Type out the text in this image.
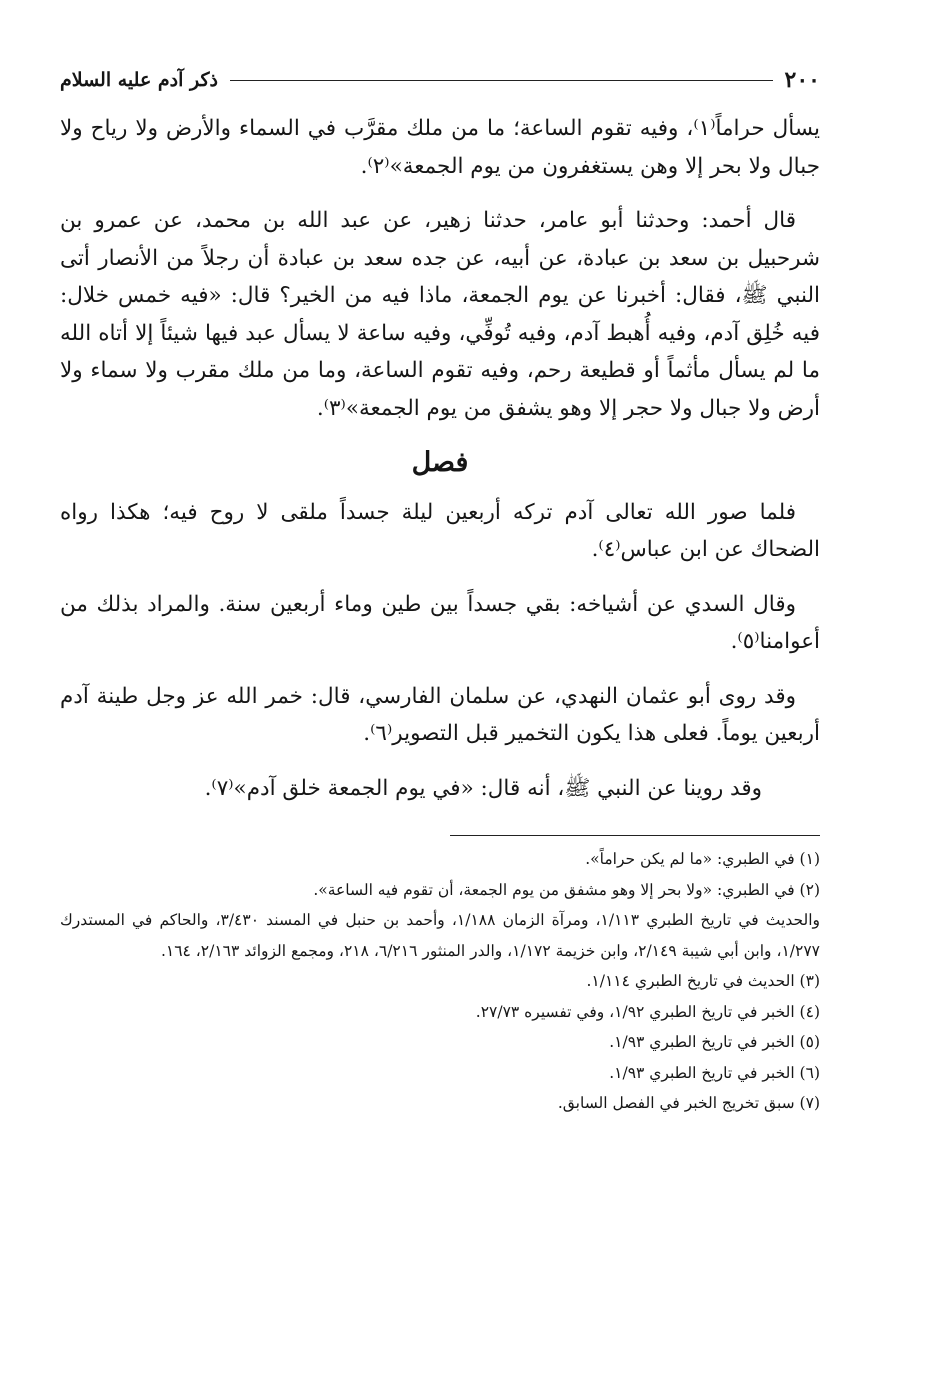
٢٠٠
ذكر آدم عليه السلام

يسأل حراماً⁽١⁾، وفيه تقوم الساعة؛ ما من ملك مقرَّب في السماء والأرض ولا رياح ولا جبال ولا بحر إلا وهن يستغفرون من يوم الجمعة»⁽٢⁾.

قال أحمد: وحدثنا أبو عامر، حدثنا زهير، عن عبد الله بن محمد، عن عمرو بن شرحبيل بن سعد بن عبادة، عن أبيه، عن جده سعد بن عبادة أن رجلاً من الأنصار أتى النبي ﷺ، فقال: أخبرنا عن يوم الجمعة، ماذا فيه من الخير؟ قال: «فيه خمس خلال: فيه خُلِق آدم، وفيه أُهبط آدم، وفيه تُوفِّي، وفيه ساعة لا يسأل عبد فيها شيئاً إلا أتاه الله ما لم يسأل مأثماً أو قطيعة رحم، وفيه تقوم الساعة، وما من ملك مقرب ولا سماء ولا أرض ولا جبال ولا حجر إلا وهو يشفق من يوم الجمعة»⁽٣⁾.

فصل

فلما صور الله تعالى آدم تركه أربعين ليلة جسداً ملقى لا روح فيه؛ هكذا رواه الضحاك عن ابن عباس⁽٤⁾.

وقال السدي عن أشياخه: بقي جسداً بين طين وماء أربعين سنة. والمراد بذلك من أعوامنا⁽٥⁾.

وقد روى أبو عثمان النهدي، عن سلمان الفارسي، قال: خمر الله عز وجل طينة آدم أربعين يوماً. فعلى هذا يكون التخمير قبل التصوير⁽٦⁾.

وقد روينا عن النبي ﷺ، أنه قال: «في يوم الجمعة خلق آدم»⁽٧⁾.

(١) في الطبري: «ما لم يكن حراماً».

(٢) في الطبري: «ولا بحر إلا وهو مشفق من يوم الجمعة، أن تقوم فيه الساعة».

والحديث في تاريخ الطبري ١/١١٣، ومرآة الزمان ١/١٨٨، وأحمد بن حنبل في المسند ٣/٤٣٠، والحاكم في المستدرك ١/٢٧٧، وابن أبي شيبة ٢/١٤٩، وابن خزيمة ١/١٧٢، والدر المنثور ٦/٢١٦، ٢١٨، ومجمع الزوائد ٢/١٦٣، ١٦٤.

(٣) الحديث في تاريخ الطبري ١/١١٤.

(٤) الخبر في تاريخ الطبري ١/٩٢، وفي تفسيره ٢٧/٧٣.

(٥) الخبر في تاريخ الطبري ١/٩٣.

(٦) الخبر في تاريخ الطبري ١/٩٣.

(٧) سبق تخريج الخبر في الفصل السابق.
